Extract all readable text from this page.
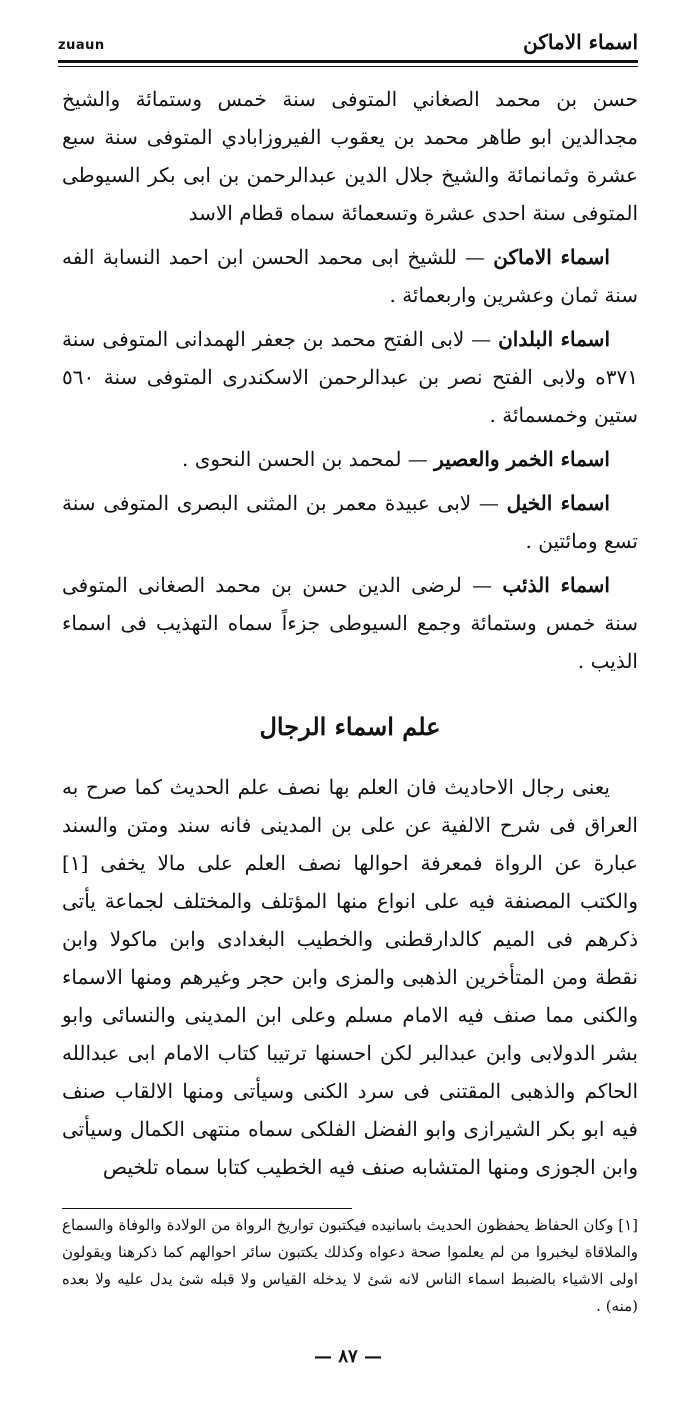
zuaun	اسماء الاماكن

حسن بن محمد الصغاني المتوفى سنة خمس وستمائة والشيخ مجدالدين ابو طاهر محمد بن يعقوب الفيروزابادي المتوفى سنة سبع عشرة وثمانمائة والشيخ جلال الدين عبدالرحمن بن ابى بكر السيوطى المتوفى سنة احدى عشرة وتسعمائة سماه قطام الاسد

اسماء الاماكن — للشيخ ابى محمد الحسن ابن احمد النسابة الفه سنة ثمان وعشرين واربعمائة .

اسماء البلدان — لابى الفتح محمد بن جعفر الهمدانى المتوفى سنة ٣٧١ه ولابى الفتح نصر بن عبدالرحمن الاسكندرى المتوفى سنة ٥٦٠ ستين وخمسمائة .

اسماء الخمر والعصير — لمحمد بن الحسن النحوى .

اسماء الخيل — لابى عبيدة معمر بن المثنى البصرى المتوفى سنة تسع ومائتين .

اسماء الذئب — لرضى الدين حسن بن محمد الصغانى المتوفى سنة خمس وستمائة وجمع السيوطى جزءاً سماه التهذيب فى اسماء الذيب .

علم اسماء الرجال

يعنى رجال الاحاديث فان العلم بها نصف علم الحديث كما صرح به العراق فى شرح الالفية عن على بن المدينى فانه سند ومتن والسند عبارة عن الرواة فمعرفة احوالها نصف العلم على مالا يخفى [١] والكتب المصنفة فيه على انواع منها المؤتلف والمختلف لجماعة يأتى ذكرهم فى الميم كالدارقطنى والخطيب البغدادى وابن ماكولا وابن نقطة ومن المتأخرين الذهبى والمزى وابن حجر وغيرهم ومنها الاسماء والكنى مما صنف فيه الامام مسلم وعلى ابن المدينى والنسائى وابو بشر الدولابى وابن عبدالبر لكن احسنها ترتيبا كتاب الامام ابى عبدالله الحاكم والذهبى المقتنى فى سرد الكنى وسيأتى ومنها الالقاب صنف فيه ابو بكر الشيرازى وابو الفضل الفلكى سماه منتهى الكمال وسيأتى وابن الجوزى ومنها المتشابه صنف فيه الخطيب كتابا سماه تلخيص

[١] وكان الحفاظ يحفظون الحديث باسانيده فيكتبون تواريخ الرواة من الولادة والوفاة والسماع والملاقاة ليخبروا من لم يعلموا صحة دعواه وكذلك يكتبون سائر احوالهم كما ذكرهنا ويقولون اولى الاشياء بالضبط اسماء الناس لانه شئ لا يدخله القياس ولا قبله شئ يدل عليه ولا بعده (منه) .
— ٨٧ —
